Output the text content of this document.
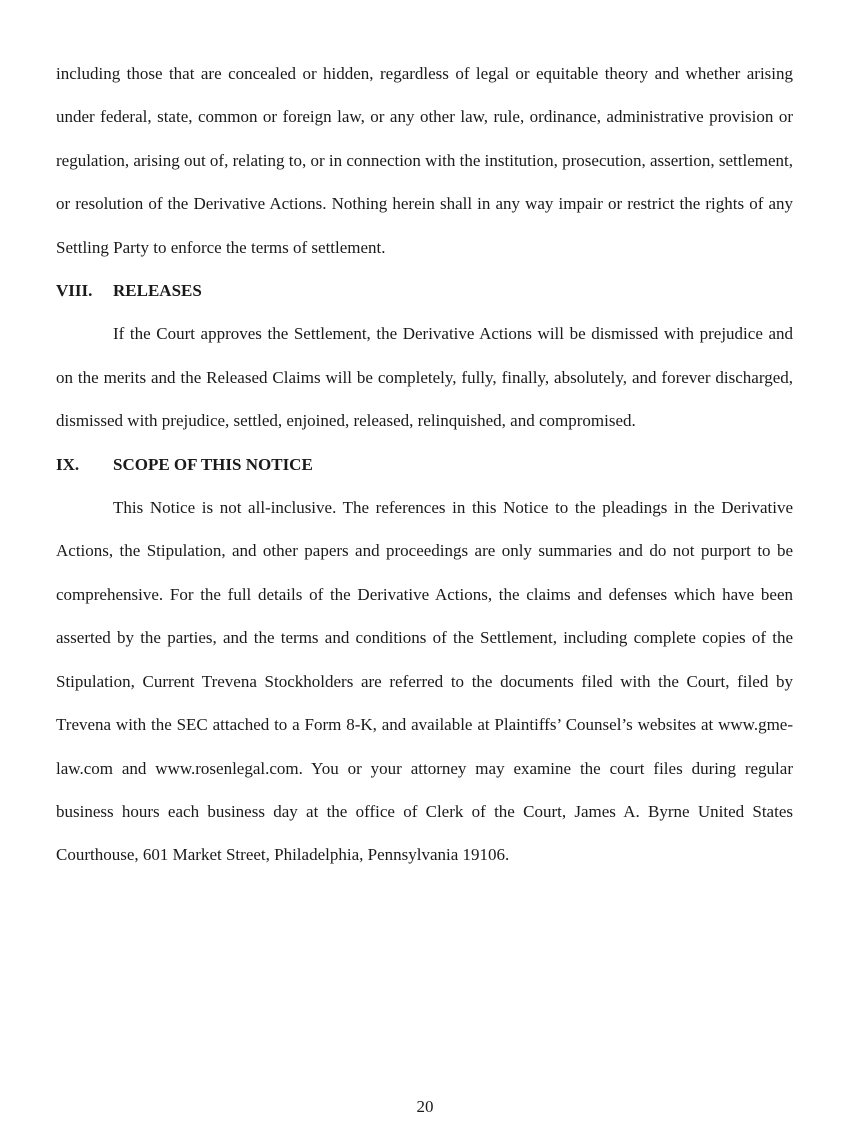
including those that are concealed or hidden, regardless of legal or equitable theory and whether arising under federal, state, common or foreign law, or any other law, rule, ordinance, administrative provision or regulation, arising out of, relating to, or in connection with the institution, prosecution, assertion, settlement, or resolution of the Derivative Actions. Nothing herein shall in any way impair or restrict the rights of any Settling Party to enforce the terms of settlement.

VIII.	RELEASES

If the Court approves the Settlement, the Derivative Actions will be dismissed with prejudice and on the merits and the Released Claims will be completely, fully, finally, absolutely, and forever discharged, dismissed with prejudice, settled, enjoined, released, relinquished, and compromised.

IX.	SCOPE OF THIS NOTICE

This Notice is not all-inclusive. The references in this Notice to the pleadings in the Derivative Actions, the Stipulation, and other papers and proceedings are only summaries and do not purport to be comprehensive. For the full details of the Derivative Actions, the claims and defenses which have been asserted by the parties, and the terms and conditions of the Settlement, including complete copies of the Stipulation, Current Trevena Stockholders are referred to the documents filed with the Court, filed by Trevena with the SEC attached to a Form 8-K, and available at Plaintiffs’ Counsel’s websites at www.gme-law.com and www.rosenlegal.com. You or your attorney may examine the court files during regular business hours each business day at the office of Clerk of the Court, James A. Byrne United States Courthouse, 601 Market Street, Philadelphia, Pennsylvania 19106.

20
